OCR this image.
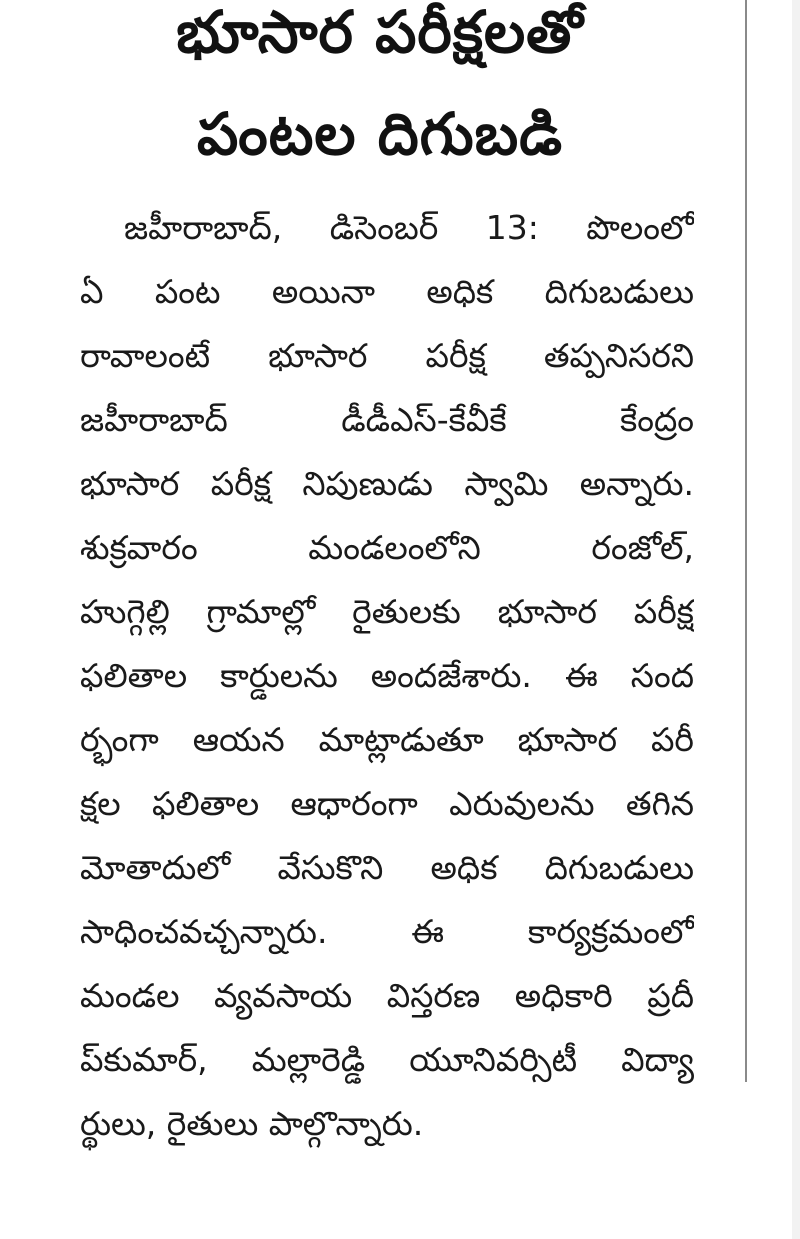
భూసార పరీక్షలతో
పంటల దిగుబడి
జహీరాబాద్, డిసెంబర్ 13: పొలంలో
ఏ పంట అయినా అధిక దిగుబడులు
రావాలంటే భూసార పరీక్ష తప్పనిసరని
జహీరాబాద్ డీడీఎస్-కేవీకే కేంద్రం
భూసార పరీక్ష నిపుణుడు స్వామి అన్నారు.
శుక్రవారం మండలంలోని రంజోల్,
హుగ్గెల్లి గ్రామాల్లో రైతులకు భూసార పరీక్ష
ఫలితాల కార్డులను అందజేశారు. ఈ సంద
ర్భంగా ఆయన మాట్లాడుతూ భూసార పరీ
క్షల ఫలితాల ఆధారంగా ఎరువులను తగిన
మోతాదులో వేసుకొని అధిక దిగుబడులు
సాధించవచ్చన్నారు. ఈ కార్యక్రమంలో
మండల వ్యవసాయ విస్తరణ అధికారి ప్రదీ
ప్‌కుమార్, మల్లారెడ్డి యూనివర్సిటీ విద్యా
ర్థులు, రైతులు పాల్గొన్నారు.
